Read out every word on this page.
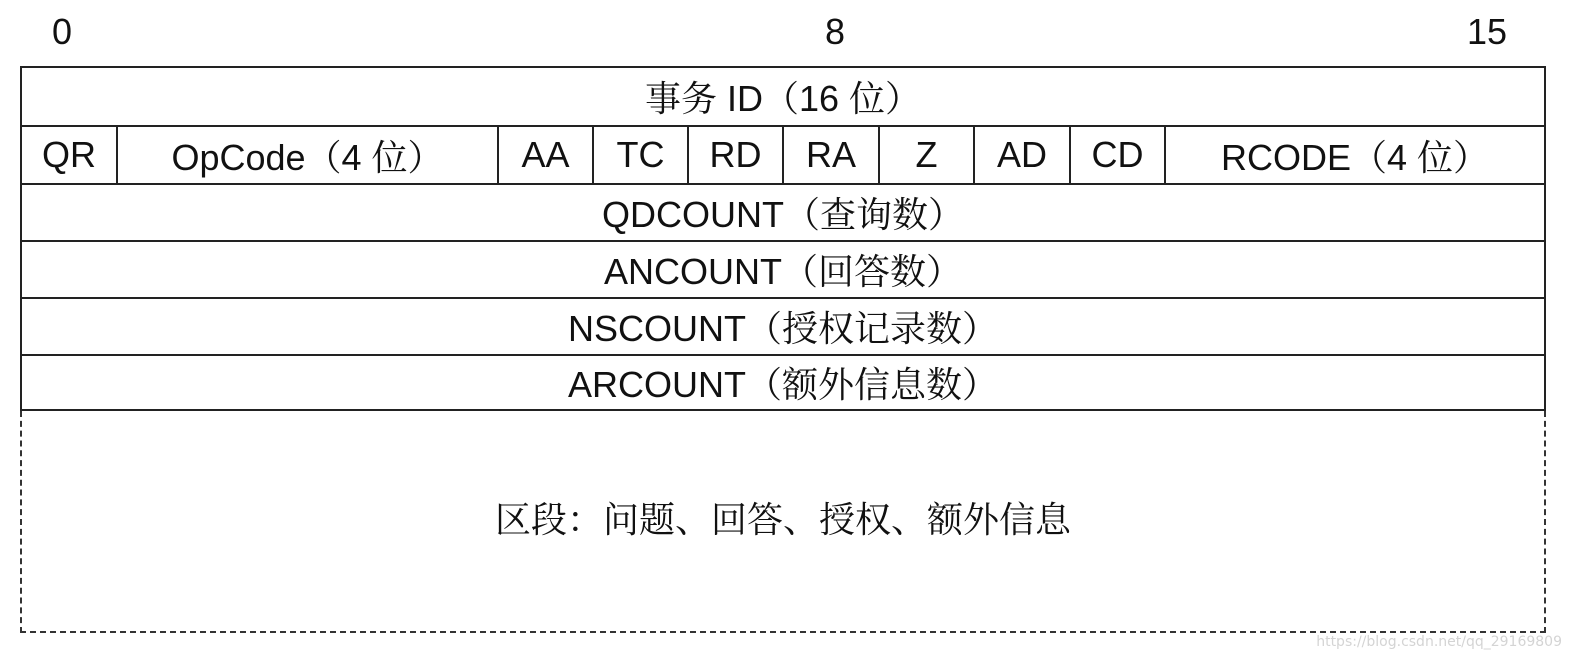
0	8	15
事务 ID（16 位）
QR	OpCode（4 位）	AA	TC	RD	RA	Z	AD	CD	RCODE（4 位）
QDCOUNT（查询数）
ANCOUNT（回答数）
NSCOUNT（授权记录数）
ARCOUNT（额外信息数）
区段：问题、回答、授权、额外信息
https://blog.csdn.net/qq_29169809
